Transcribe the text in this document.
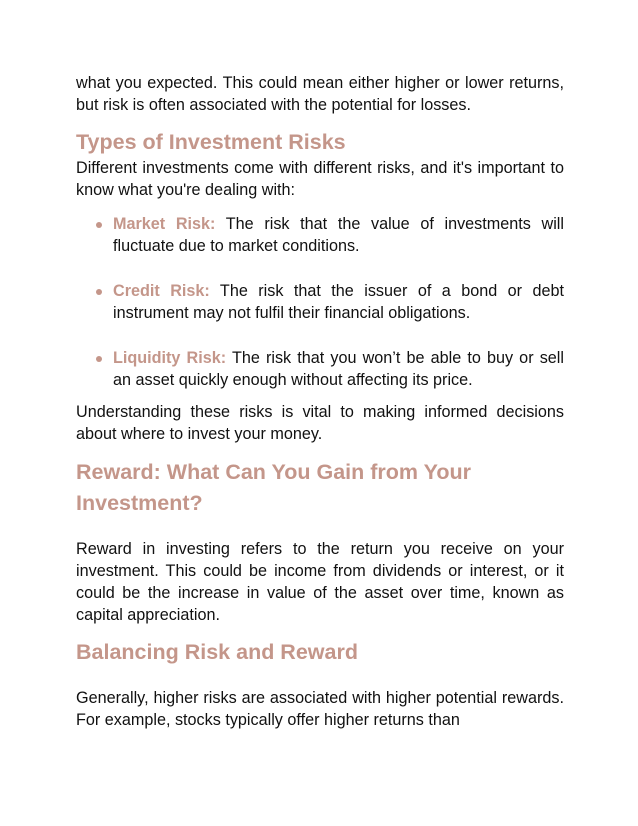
what you expected. This could mean either higher or lower returns, but risk is often associated with the potential for losses.

Types of Investment Risks

Different investments come with different risks, and it's important to know what you're dealing with:

Market Risk: The risk that the value of investments will fluctuate due to market conditions.
Credit Risk: The risk that the issuer of a bond or debt instrument may not fulfil their financial obligations.
Liquidity Risk: The risk that you won’t be able to buy or sell an asset quickly enough without affecting its price.

Understanding these risks is vital to making informed decisions about where to invest your money.

Reward: What Can You Gain from Your Investment?

Reward in investing refers to the return you receive on your investment. This could be income from dividends or interest, or it could be the increase in value of the asset over time, known as capital appreciation.

Balancing Risk and Reward

Generally, higher risks are associated with higher potential rewards. For example, stocks typically offer higher returns than
